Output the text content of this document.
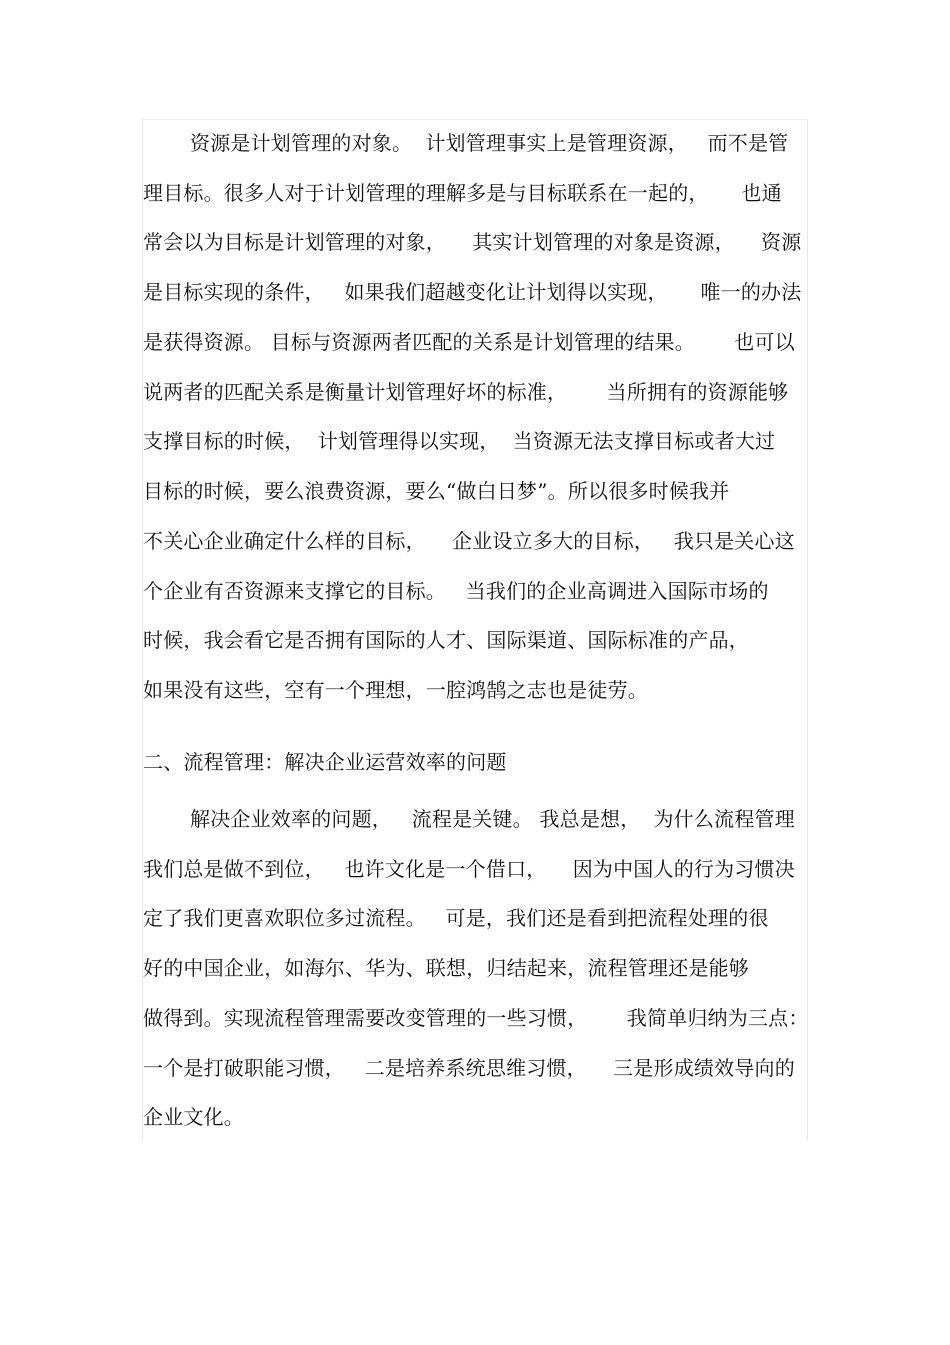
资源是计划管理的对象。  计划管理事实上是管理资源，   而不是管
理目标。很多人对于计划管理的理解多是与目标联系在一起的，     也通
常会以为目标是计划管理的对象，    其实计划管理的对象是资源，    资源
是目标实现的条件，   如果我们超越变化让计划得以实现，     唯一的办法
是获得资源。 目标与资源两者匹配的关系是计划管理的结果。      也可以
说两者的匹配关系是衡量计划管理好坏的标准，      当所拥有的资源能够
支撑目标的时候，  计划管理得以实现，  当资源无法支撑目标或者大过
目标的时候，要么浪费资源，要么“做白日梦”。所以很多时候我并
不关心企业确定什么样的目标，    企业设立多大的目标，   我只是关心这
个企业有否资源来支撑它的目标。   当我们的企业高调进入国际市场的
时候，我会看它是否拥有国际的人才、国际渠道、国际标准的产品，
如果没有这些，空有一个理想，一腔鸿鹄之志也是徒劳。
二、流程管理：解决企业运营效率的问题
解决企业效率的问题，   流程是关键。 我总是想，  为什么流程管理
我们总是做不到位，   也许文化是一个借口，    因为中国人的行为习惯决
定了我们更喜欢职位多过流程。   可是，我们还是看到把流程处理的很
好的中国企业，如海尔、华为、联想，归结起来，流程管理还是能够
做得到。实现流程管理需要改变管理的一些习惯，      我简单归纳为三点：
一个是打破职能习惯，   二是培养系统思维习惯，    三是形成绩效导向的
企业文化。
